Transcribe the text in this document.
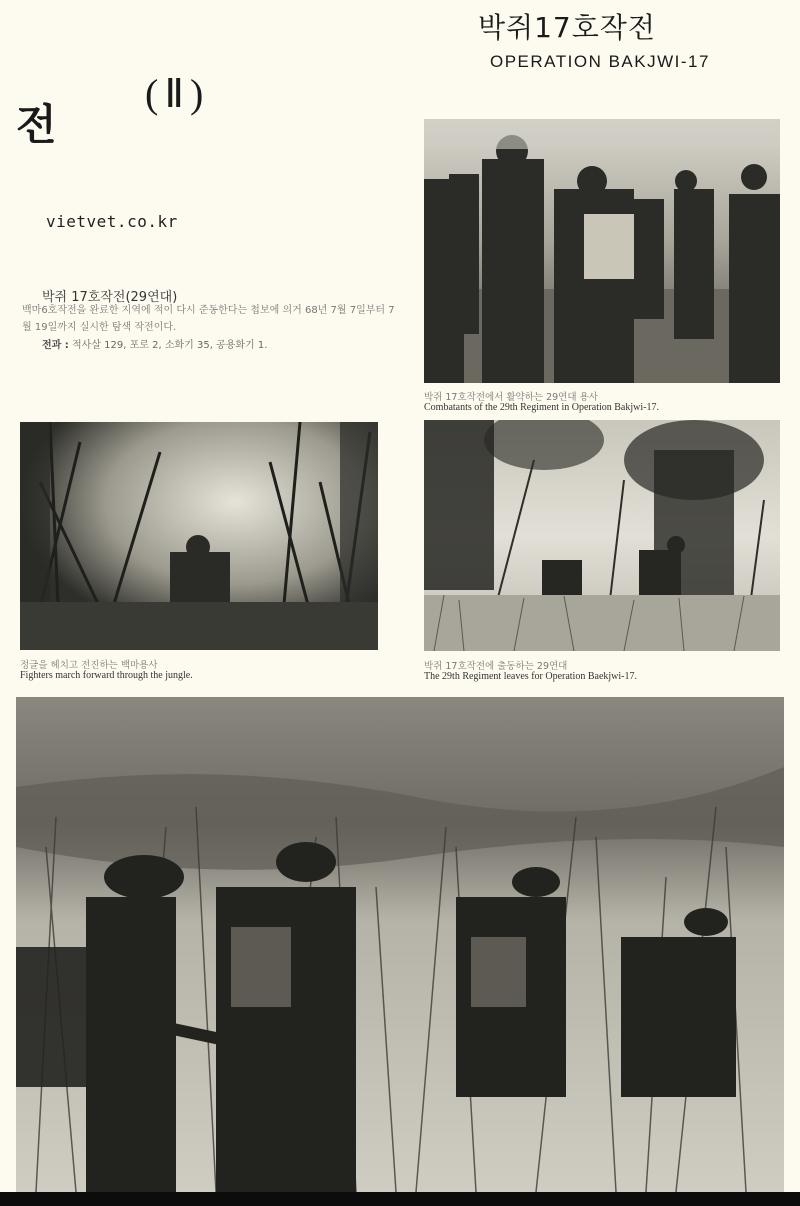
박쥐17호작전
OPERATION BAKJWI-17
전
(Ⅱ)
vietvet.co.kr
박쥐 17호작전(29연대)
백마6호작전을 완료한 지역에 적이 다시 준동한다는 첩보에 의거 68년 7월 7일부터 7월 19일까지 실시한 탐색 작전이다.
전과 : 적사살 129, 포로 2, 소화기 35, 공용화기 1.
박쥐 17호작전에서 활약하는 29연대 용사
Combatants of the 29th Regiment in Operation Bakjwi-17.
정글을 헤치고 전진하는 백마용사
Fighters march forward through the jungle.
박쥐 17호작전에 출동하는 29연대
The 29th Regiment leaves for Operation Baekjwi-17.
